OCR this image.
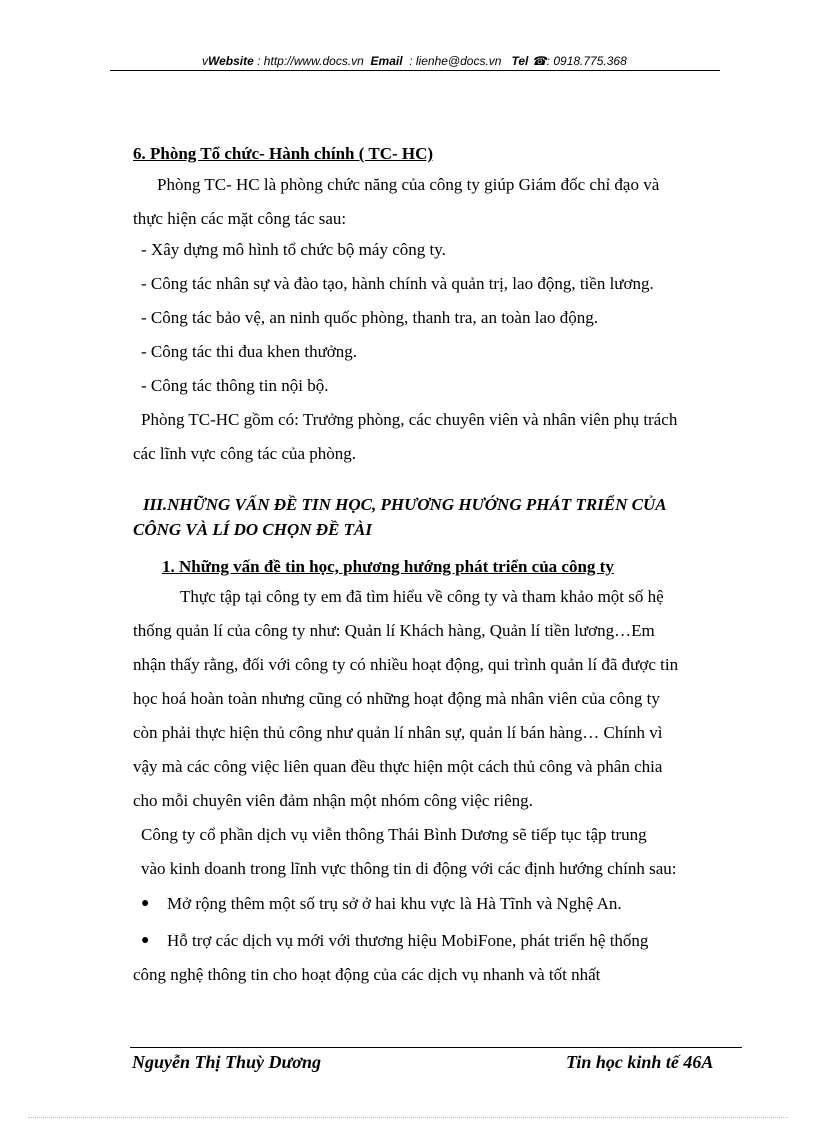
vWebsite : http://www.docs.vn Email : lienhe@docs.vn Tel ☎: 0918.775.368
6. Phòng Tổ chức- Hành chính ( TC- HC)
Phòng TC- HC là phòng chức năng của công ty giúp Giám đốc chỉ đạo và
thực hiện các mặt công tác sau:
- Xây dựng mô hình tổ chức bộ máy công ty.
- Công tác nhân sự và đào tạo, hành chính và quản trị, lao động, tiền lương.
- Công tác bảo vệ, an ninh quốc phòng, thanh tra, an toàn lao động.
- Công tác thi đua khen thưởng.
- Công tác thông tin nội bộ.
Phòng TC-HC gồm có: Trưởng phòng, các chuyên viên và nhân viên phụ trách
các lĩnh vực công tác của phòng.
III.NHỮNG VẤN ĐỀ TIN HỌC, PHƯƠNG HƯỚNG PHÁT TRIỂN CỦA
CÔNG VÀ LÍ DO CHỌN ĐỀ TÀI
1. Những vấn đề tin học, phương hướng phát triển của công ty
Thực tập tại công ty em đã tìm hiểu về công ty và tham khảo một số hệ
thống quản lí của công ty như: Quản lí Khách hàng, Quản lí tiền lương…Em
nhận thấy rằng, đối với công ty có nhiều hoạt động, qui trình quản lí đã được tin
học hoá hoàn toàn nhưng cũng có những hoạt động mà nhân viên của công ty
còn phải thực hiện thủ công như quản lí nhân sự, quản lí bán hàng… Chính vì
vậy mà các công việc liên quan đều thực hiện một cách thủ công và phân chia
cho mỗi chuyên viên đảm nhận một nhóm công việc riêng.
Công ty cổ phần dịch vụ viễn thông Thái Bình Dương sẽ tiếp tục tập trung
vào kinh doanh trong lĩnh vực thông tin di động với các định hướng chính sau:
● Mở rộng thêm một số trụ sở ở hai khu vực là Hà Tĩnh và Nghệ An.
● Hỗ trợ các dịch vụ mới với thương hiệu MobiFone, phát triển hệ thống
công nghệ thông tin cho hoạt động của các dịch vụ nhanh và tốt nhất
Nguyễn Thị Thuỳ Dương	Tin học kinh tế 46A
